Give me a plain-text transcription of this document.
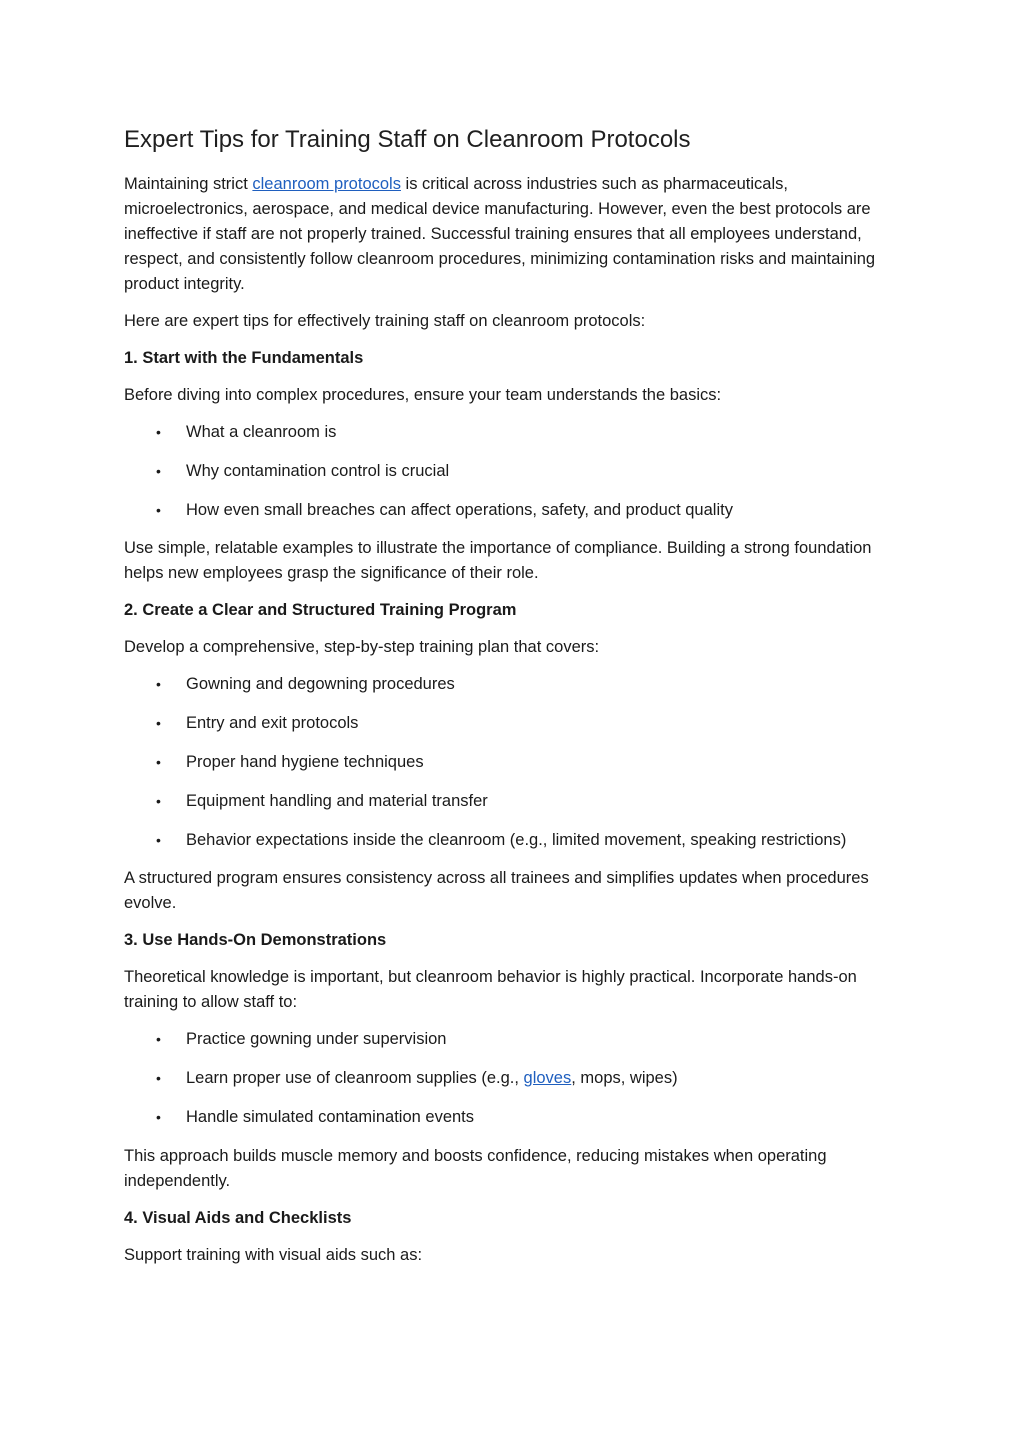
Expert Tips for Training Staff on Cleanroom Protocols

Maintaining strict cleanroom protocols is critical across industries such as pharmaceuticals, microelectronics, aerospace, and medical device manufacturing. However, even the best protocols are ineffective if staff are not properly trained. Successful training ensures that all employees understand, respect, and consistently follow cleanroom procedures, minimizing contamination risks and maintaining product integrity.

Here are expert tips for effectively training staff on cleanroom protocols:

1. Start with the Fundamentals

Before diving into complex procedures, ensure your team understands the basics:

• What a cleanroom is
• Why contamination control is crucial
• How even small breaches can affect operations, safety, and product quality

Use simple, relatable examples to illustrate the importance of compliance. Building a strong foundation helps new employees grasp the significance of their role.

2. Create a Clear and Structured Training Program

Develop a comprehensive, step-by-step training plan that covers:

• Gowning and degowning procedures
• Entry and exit protocols
• Proper hand hygiene techniques
• Equipment handling and material transfer
• Behavior expectations inside the cleanroom (e.g., limited movement, speaking restrictions)

A structured program ensures consistency across all trainees and simplifies updates when procedures evolve.

3. Use Hands-On Demonstrations

Theoretical knowledge is important, but cleanroom behavior is highly practical. Incorporate hands-on training to allow staff to:

• Practice gowning under supervision
• Learn proper use of cleanroom supplies (e.g., gloves, mops, wipes)
• Handle simulated contamination events

This approach builds muscle memory and boosts confidence, reducing mistakes when operating independently.

4. Visual Aids and Checklists

Support training with visual aids such as:
